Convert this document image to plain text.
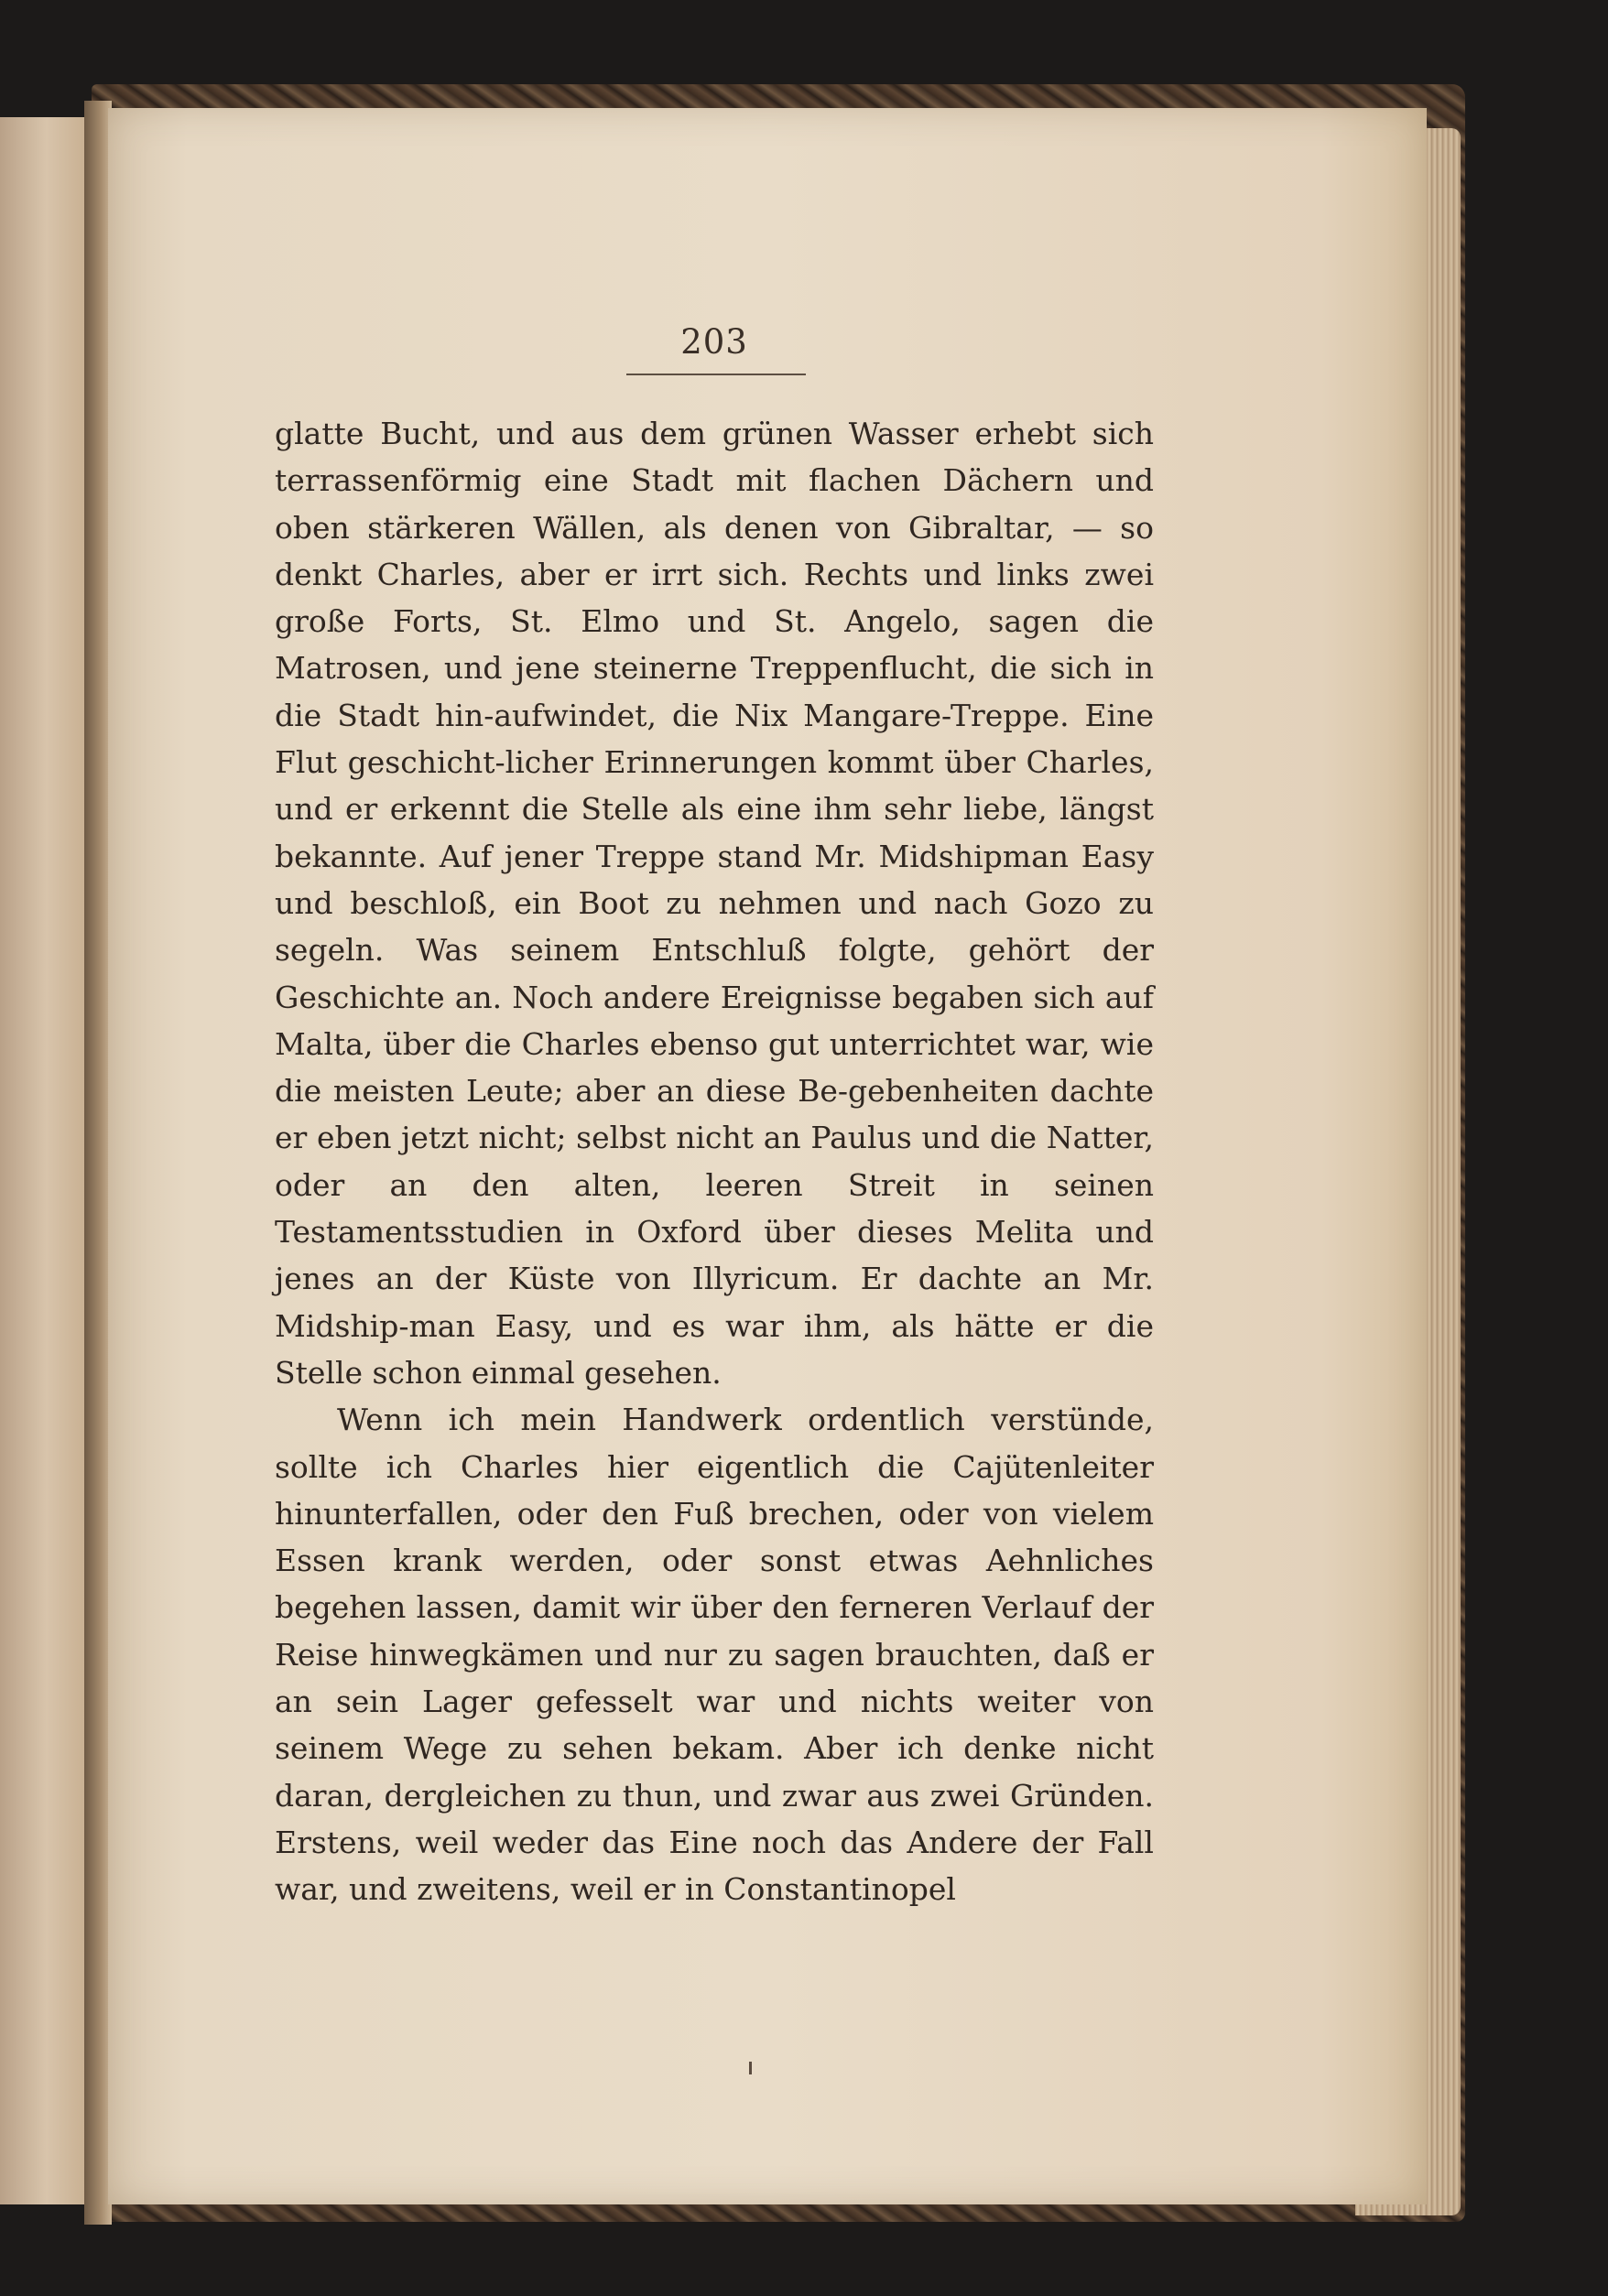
203

glatte Bucht, und aus dem grünen Wasser erhebt sich terrassenförmig eine Stadt mit flachen Dächern und oben stärkeren Wällen, als denen von Gibraltar, — so denkt Charles, aber er irrt sich. Rechts und links zwei große Forts, St. Elmo und St. Angelo, sagen die Matrosen, und jene steinerne Treppenflucht, die sich in die Stadt hin-aufwindet, die Nix Mangare-Treppe. Eine Flut geschicht-licher Erinnerungen kommt über Charles, und er erkennt die Stelle als eine ihm sehr liebe, längst bekannte. Auf jener Treppe stand Mr. Midshipman Easy und beschloß, ein Boot zu nehmen und nach Gozo zu segeln. Was seinem Entschluß folgte, gehört der Geschichte an. Noch andere Ereignisse begaben sich auf Malta, über die Charles ebenso gut unterrichtet war, wie die meisten Leute; aber an diese Be-gebenheiten dachte er eben jetzt nicht; selbst nicht an Paulus und die Natter, oder an den alten, leeren Streit in seinen Testamentsstudien in Oxford über dieses Melita und jenes an der Küste von Illyricum. Er dachte an Mr. Midship-man Easy, und es war ihm, als hätte er die Stelle schon einmal gesehen.

Wenn ich mein Handwerk ordentlich verstünde, sollte ich Charles hier eigentlich die Cajütenleiter hinunterfallen, oder den Fuß brechen, oder von vielem Essen krank werden, oder sonst etwas Aehnliches begehen lassen, damit wir über den ferneren Verlauf der Reise hinwegkämen und nur zu sagen brauchten, daß er an sein Lager gefesselt war und nichts weiter von seinem Wege zu sehen bekam. Aber ich denke nicht daran, dergleichen zu thun, und zwar aus zwei Gründen. Erstens, weil weder das Eine noch das Andere der Fall war, und zweitens, weil er in Constantinopel
